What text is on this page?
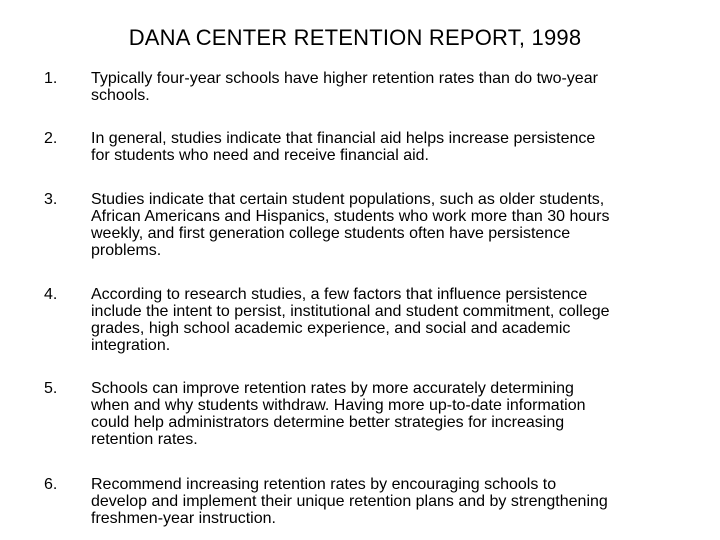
DANA CENTER RETENTION REPORT, 1998
1. Typically four-year schools have higher retention rates than do two-year
schools.
2. In general, studies indicate that financial aid helps increase persistence
for students who need and receive financial aid.
3. Studies indicate that certain student populations, such as older students,
African Americans and Hispanics, students who work more than 30 hours
weekly, and first generation college students often have persistence
problems.
4. According to research studies, a few factors that influence persistence
include the intent to persist, institutional and student commitment, college
grades, high school academic experience, and social and academic
integration.
5. Schools can improve retention rates by more accurately determining
when and why students withdraw. Having more up-to-date information
could help administrators determine better strategies for increasing
retention rates.
6. Recommend increasing retention rates by encouraging schools to
develop and implement their unique retention plans and by strengthening
freshmen-year instruction.
